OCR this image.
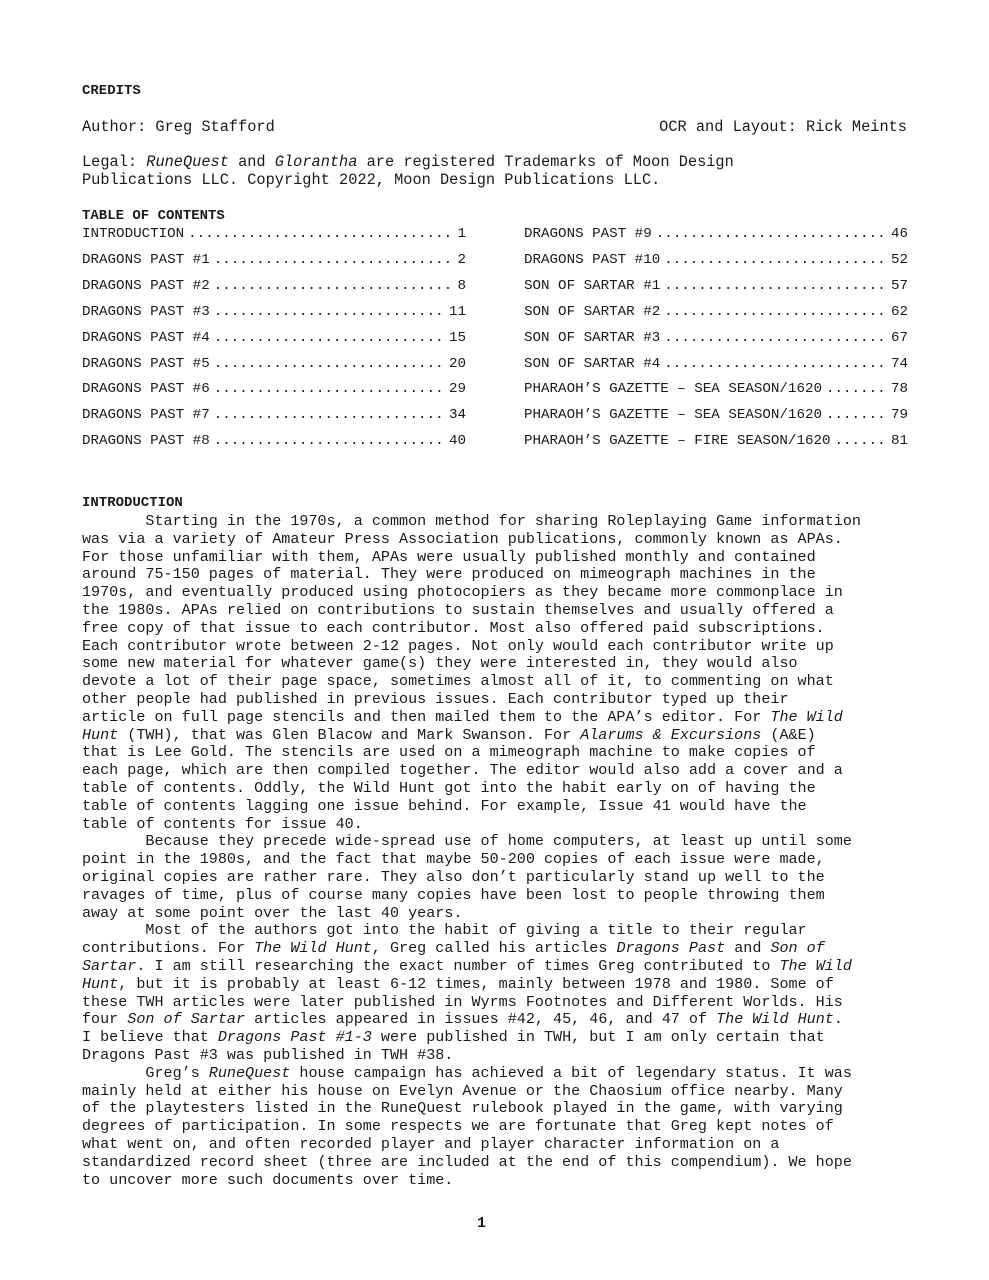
CREDITS
Author: Greg Stafford	OCR and Layout: Rick Meints
Legal: RuneQuest and Glorantha are registered Trademarks of Moon Design
Publications LLC. Copyright 2022, Moon Design Publications LLC.
TABLE OF CONTENTS
INTRODUCTION .....	1
DRAGONS PAST #1 .....	2
DRAGONS PAST #2 .....	8
DRAGONS PAST #3 .....	11
DRAGONS PAST #4 .....	15
DRAGONS PAST #5 .....	20
DRAGONS PAST #6 .....	29
DRAGONS PAST #7 .....	34
DRAGONS PAST #8 .....	40
DRAGONS PAST #9 .....	46
DRAGONS PAST #10 .....	52
SON OF SARTAR #1 .....	57
SON OF SARTAR #2 .....	62
SON OF SARTAR #3 .....	67
SON OF SARTAR #4 .....	74
PHARAOH’S GAZETTE – SEA SEASON/1620 .....	78
PHARAOH’S GAZETTE – SEA SEASON/1620 .....	79
PHARAOH’S GAZETTE – FIRE SEASON/1620 .....	81
INTRODUCTION
Starting in the 1970s, a common method for sharing Roleplaying Game information
was via a variety of Amateur Press Association publications, commonly known as APAs.
For those unfamiliar with them, APAs were usually published monthly and contained
around 75-150 pages of material. They were produced on mimeograph machines in the
1970s, and eventually produced using photocopiers as they became more commonplace in
the 1980s. APAs relied on contributions to sustain themselves and usually offered a
free copy of that issue to each contributor. Most also offered paid subscriptions.
Each contributor wrote between 2-12 pages. Not only would each contributor write up
some new material for whatever game(s) they were interested in, they would also
devote a lot of their page space, sometimes almost all of it, to commenting on what
other people had published in previous issues. Each contributor typed up their
article on full page stencils and then mailed them to the APA’s editor. For The Wild
Hunt (TWH), that was Glen Blacow and Mark Swanson. For Alarums & Excursions (A&E)
that is Lee Gold. The stencils are used on a mimeograph machine to make copies of
each page, which are then compiled together. The editor would also add a cover and a
table of contents. Oddly, the Wild Hunt got into the habit early on of having the
table of contents lagging one issue behind. For example, Issue 41 would have the
table of contents for issue 40.
Because they precede wide-spread use of home computers, at least up until some
point in the 1980s, and the fact that maybe 50-200 copies of each issue were made,
original copies are rather rare. They also don’t particularly stand up well to the
ravages of time, plus of course many copies have been lost to people throwing them
away at some point over the last 40 years.
Most of the authors got into the habit of giving a title to their regular
contributions. For The Wild Hunt, Greg called his articles Dragons Past and Son of
Sartar. I am still researching the exact number of times Greg contributed to The Wild
Hunt, but it is probably at least 6-12 times, mainly between 1978 and 1980. Some of
these TWH articles were later published in Wyrms Footnotes and Different Worlds. His
four Son of Sartar articles appeared in issues #42, 45, 46, and 47 of The Wild Hunt.
I believe that Dragons Past #1-3 were published in TWH, but I am only certain that
Dragons Past #3 was published in TWH #38.
Greg’s RuneQuest house campaign has achieved a bit of legendary status. It was
mainly held at either his house on Evelyn Avenue or the Chaosium office nearby. Many
of the playtesters listed in the RuneQuest rulebook played in the game, with varying
degrees of participation. In some respects we are fortunate that Greg kept notes of
what went on, and often recorded player and player character information on a
standardized record sheet (three are included at the end of this compendium). We hope
to uncover more such documents over time.
1
